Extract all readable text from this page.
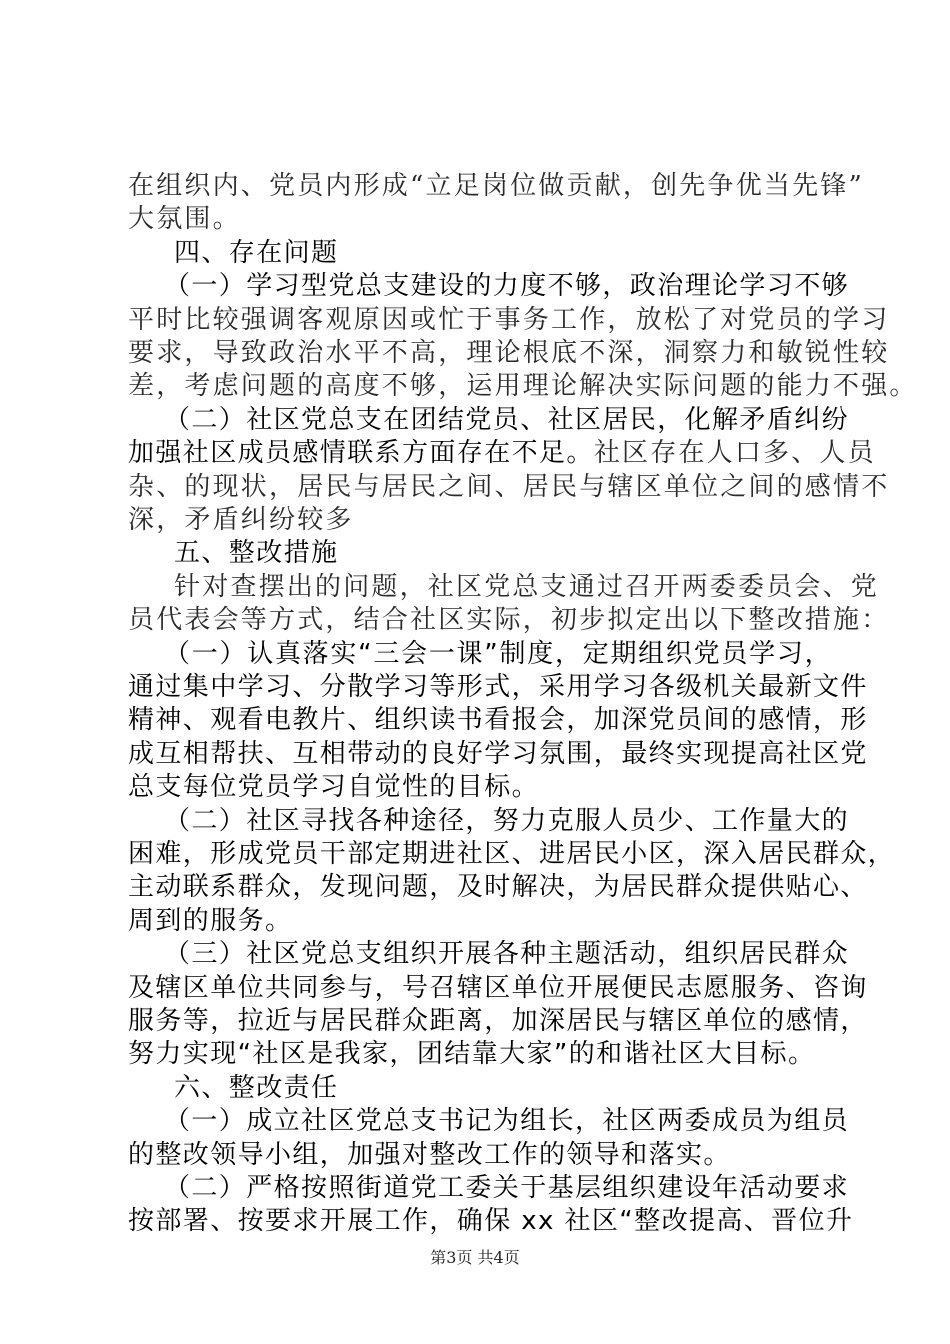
在组织内、党员内形成“立足岗位做贡献，创先争优当先锋”
大氛围。
四、存在问题
（一）学习型党总支建设的力度不够，政治理论学习不够
平时比较强调客观原因或忙于事务工作，放松了对党员的学习
要求，导致政治水平不高，理论根底不深，洞察力和敏锐性较
差，考虑问题的高度不够，运用理论解决实际问题的能力不强。
（二）社区党总支在团结党员、社区居民，化解矛盾纠纷
加强社区成员感情联系方面存在不足。社区存在人口多、人员
杂、的现状，居民与居民之间、居民与辖区单位之间的感情不
深，矛盾纠纷较多
五、整改措施
针对查摆出的问题，社区党总支通过召开两委委员会、党
员代表会等方式，结合社区实际，初步拟定出以下整改措施：
（一）认真落实“三会一课”制度，定期组织党员学习，
通过集中学习、分散学习等形式，采用学习各级机关最新文件
精神、观看电教片、组织读书看报会，加深党员间的感情，形
成互相帮扶、互相带动的良好学习氛围，最终实现提高社区党
总支每位党员学习自觉性的目标。
（二）社区寻找各种途径，努力克服人员少、工作量大的
困难，形成党员干部定期进社区、进居民小区，深入居民群众，
主动联系群众，发现问题，及时解决，为居民群众提供贴心、
周到的服务。
（三）社区党总支组织开展各种主题活动，组织居民群众
及辖区单位共同参与，号召辖区单位开展便民志愿服务、咨询
服务等，拉近与居民群众距离，加深居民与辖区单位的感情，
努力实现“社区是我家，团结靠大家”的和谐社区大目标。
六、整改责任
（一）成立社区党总支书记为组长，社区两委成员为组员
的整改领导小组，加强对整改工作的领导和落实。
（二）严格按照街道党工委关于基层组织建设年活动要求
按部署、按要求开展工作，确保 xx 社区“整改提高、晋位升
第3页 共4页
